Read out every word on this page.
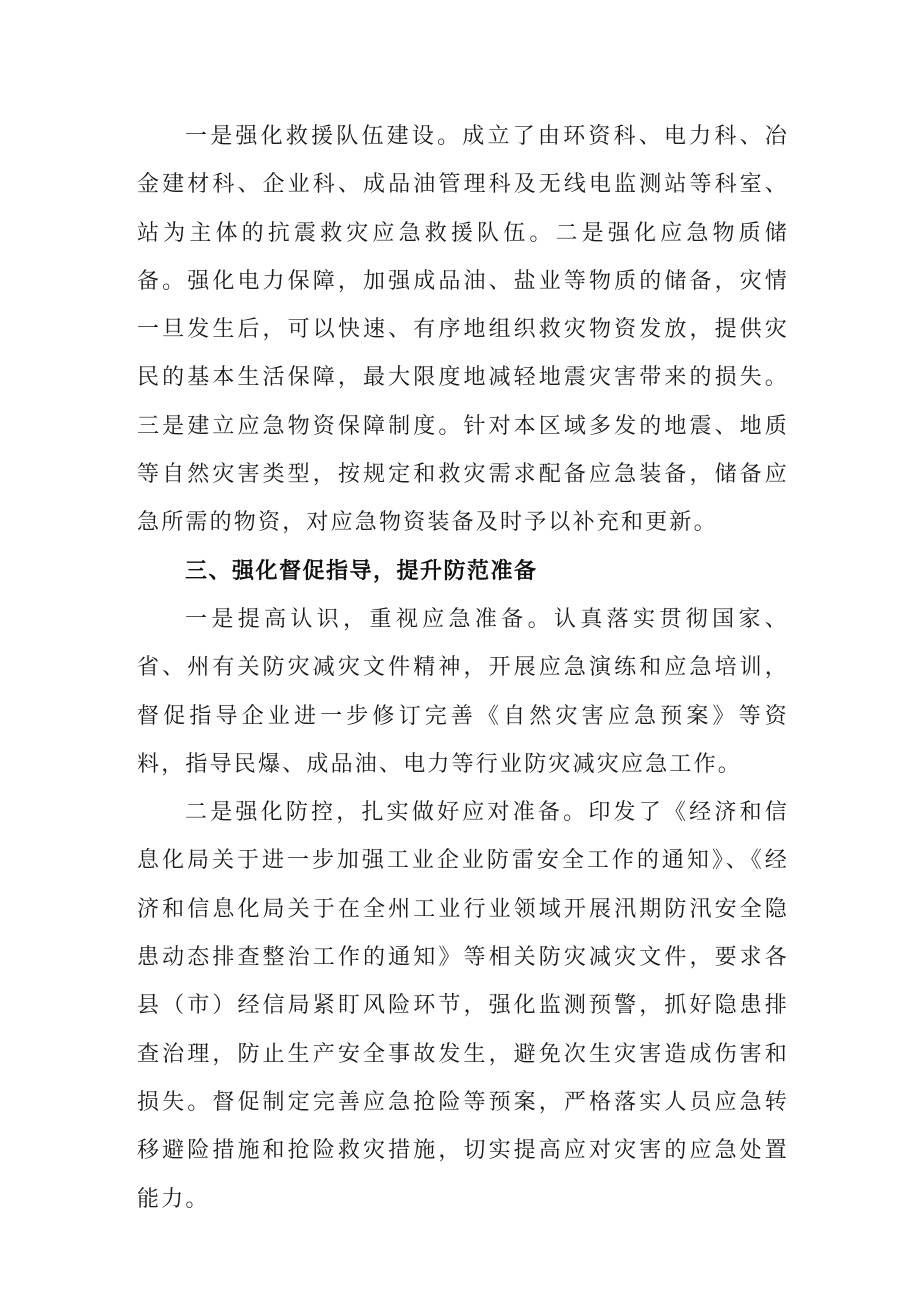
一是强化救援队伍建设。成立了由环资科、电力科、冶金建材科、企业科、成品油管理科及无线电监测站等科室、站为主体的抗震救灾应急救援队伍。二是强化应急物质储备。强化电力保障，加强成品油、盐业等物质的储备，灾情一旦发生后，可以快速、有序地组织救灾物资发放，提供灾民的基本生活保障，最大限度地减轻地震灾害带来的损失。三是建立应急物资保障制度。针对本区域多发的地震、地质等自然灾害类型，按规定和救灾需求配备应急装备，储备应急所需的物资，对应急物资装备及时予以补充和更新。

三、强化督促指导，提升防范准备

一是提高认识，重视应急准备。认真落实贯彻国家、省、州有关防灾减灾文件精神，开展应急演练和应急培训，督促指导企业进一步修订完善《自然灾害应急预案》等资料，指导民爆、成品油、电力等行业防灾减灾应急工作。

二是强化防控，扎实做好应对准备。印发了《经济和信息化局关于进一步加强工业企业防雷安全工作的通知》、《经济和信息化局关于在全州工业行业领域开展汛期防汛安全隐患动态排查整治工作的通知》等相关防灾减灾文件，要求各县（市）经信局紧盯风险环节，强化监测预警，抓好隐患排查治理，防止生产安全事故发生，避免次生灾害造成伤害和损失。督促制定完善应急抢险等预案，严格落实人员应急转移避险措施和抢险救灾措施，切实提高应对灾害的应急处置能力。
